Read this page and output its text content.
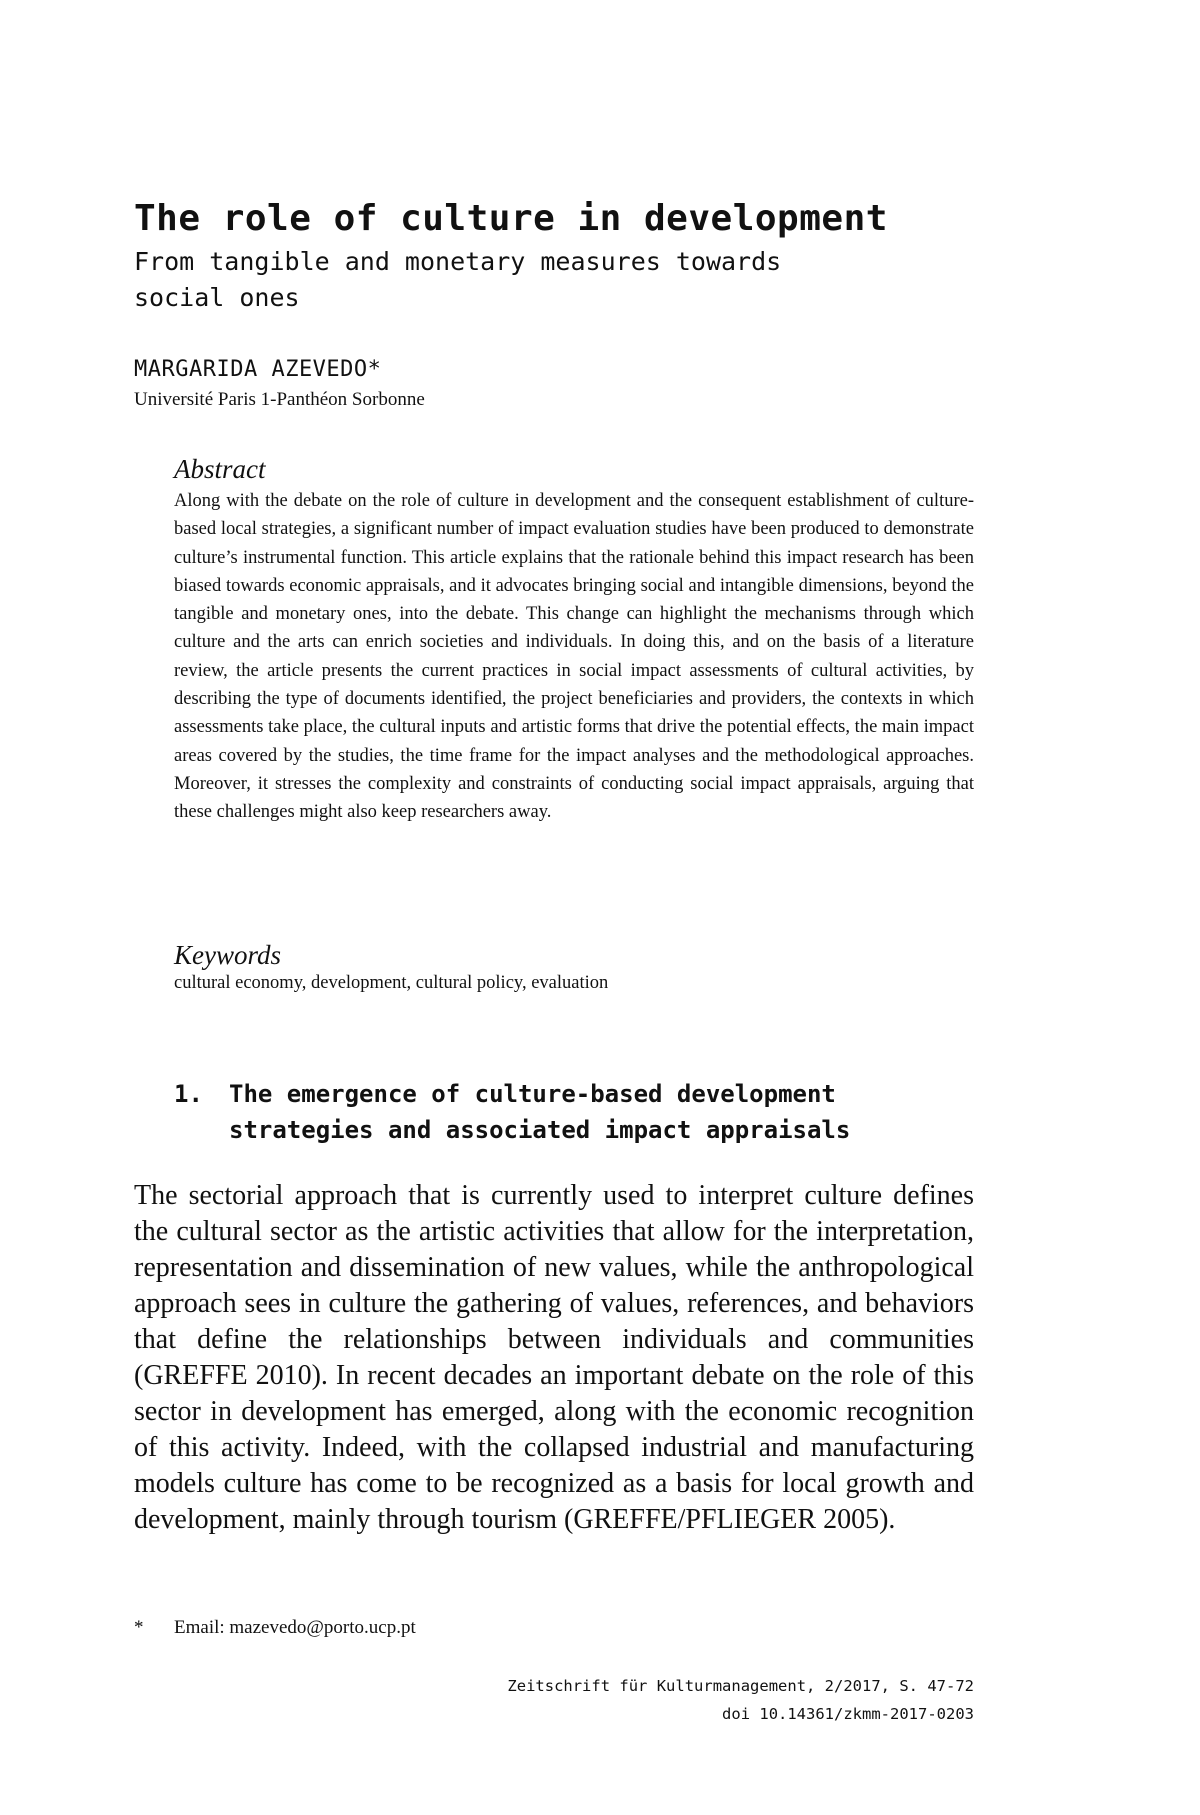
The role of culture in development

From tangible and monetary measures towards social ones

MARGARIDA AZEVEDO*

Université Paris 1-Panthéon Sorbonne

Abstract

Along with the debate on the role of culture in development and the consequent establishment of culture-based local strategies, a significant number of impact evaluation studies have been produced to demonstrate culture’s instrumental function. This article explains that the rationale behind this impact research has been biased towards economic appraisals, and it advocates bringing social and intangible dimensions, beyond the tangible and monetary ones, into the debate. This change can highlight the mechanisms through which culture and the arts can enrich societies and individuals. In doing this, and on the basis of a literature review, the article presents the current practices in social impact assessments of cultural activities, by describing the type of documents identified, the project beneficiaries and providers, the contexts in which assessments take place, the cultural inputs and artistic forms that drive the potential effects, the main impact areas covered by the studies, the time frame for the impact analyses and the methodological approaches. Moreover, it stresses the complexity and constraints of conducting social impact appraisals, arguing that these challenges might also keep researchers away.

Keywords

cultural economy, development, cultural policy, evaluation

1.	The emergence of culture-based development strategies and associated impact appraisals

The sectorial approach that is currently used to interpret culture defines the cultural sector as the artistic activities that allow for the interpretation, representation and dissemination of new values, while the anthropological approach sees in culture the gathering of values, references, and behaviors that define the relationships between individuals and communities (GREFFE 2010). In recent decades an important debate on the role of this sector in development has emerged, along with the economic recognition of this activity. Indeed, with the collapsed industrial and manufacturing models culture has come to be recognized as a basis for local growth and development, mainly through tourism (GREFFE/PFLIEGER 2005).

*	Email: mazevedo@porto.ucp.pt
Zeitschrift für Kulturmanagement, 2/2017, S. 47-72
doi 10.14361/zkmm-2017-0203
